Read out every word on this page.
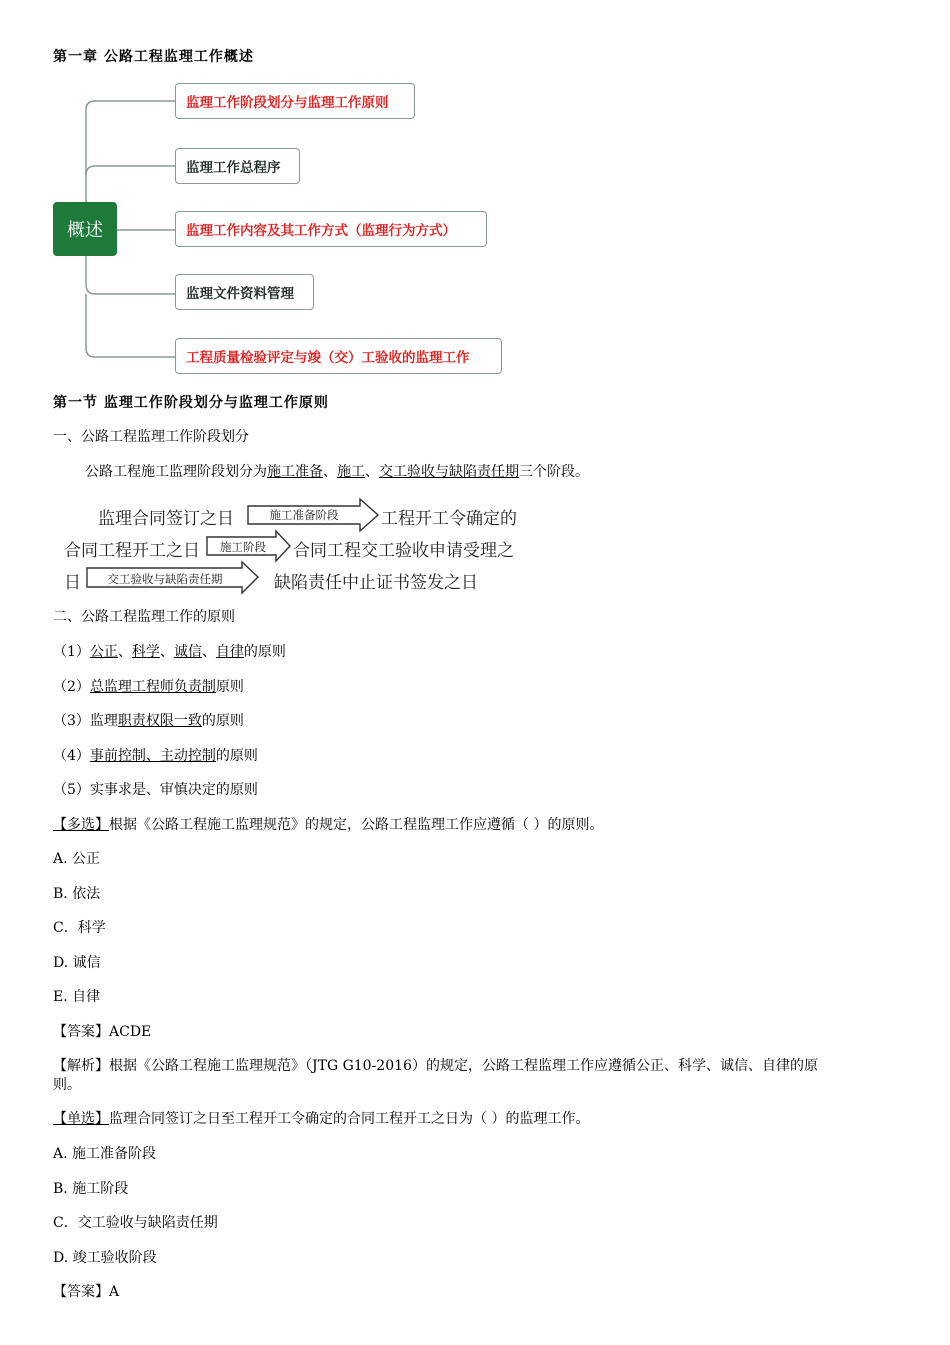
第一章 公路工程监理工作概述
概述
监理工作阶段划分与监理工作原则
监理工作总程序
监理工作内容及其工作方式（监理行为方式）
监理文件资料管理
工程质量检验评定与竣（交）工验收的监理工作
第一节 监理工作阶段划分与监理工作原则
一、公路工程监理工作阶段划分
公路工程施工监理阶段划分为施工准备、施工、交工验收与缺陷责任期三个阶段。
监理合同签订之日	施工准备阶段	工程开工令确定的
合同工程开工之日	施工阶段	合同工程交工验收申请受理之
日	交工验收与缺陷责任期	缺陷责任中止证书签发之日
二、公路工程监理工作的原则
（1）公正、科学、诚信、自律的原则
（2）总监理工程师负责制原则
（3）监理职责权限一致的原则
（4）事前控制、主动控制的原则
（5）实事求是、审慎决定的原则
【多选】根据《公路工程施工监理规范》的规定，公路工程监理工作应遵循（ ）的原则。
A. 公正
B. 依法
C．科学
D. 诚信
E. 自律
【答案】ACDE
【解析】根据《公路工程施工监理规范》（JTG G10-2016）的规定，公路工程监理工作应遵循公正、科学、诚信、自律的原
则。
【单选】监理合同签订之日至工程开工令确定的合同工程开工之日为（ ）的监理工作。
A. 施工准备阶段
B. 施工阶段
C．交工验收与缺陷责任期
D. 竣工验收阶段
【答案】A
